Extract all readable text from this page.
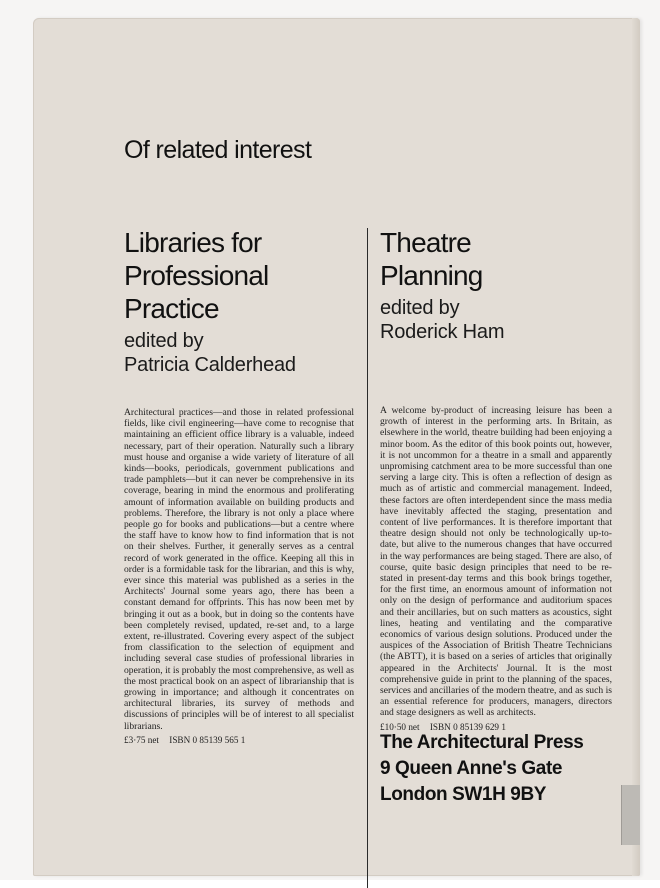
Of related interest
Libraries for
Professional
Practice

edited by

Patricia Calderhead

Architectural practices—and those in related professional fields, like civil engineering—have come to recognise that maintaining an efficient office library is a valuable, indeed necessary, part of their operation. Naturally such a library must house and organise a wide variety of literature of all kinds—books, periodicals, government publications and trade pamphlets—but it can never be comprehensive in its coverage, bearing in mind the enormous and proliferating amount of information available on building products and problems. Therefore, the library is not only a place where people go for books and publications—but a centre where the staff have to know how to find information that is not on their shelves. Further, it generally serves as a central record of work generated in the office. Keeping all this in order is a formidable task for the librarian, and this is why, ever since this material was published as a series in the Architects' Journal some years ago, there has been a constant demand for offprints. This has now been met by bringing it out as a book, but in doing so the contents have been completely revised, updated, re-set and, to a large extent, re-illustrated. Covering every aspect of the subject from classification to the selection of equipment and including several case studies of professional libraries in operation, it is probably the most comprehensive, as well as the most practical book on an aspect of librarianship that is growing in importance; and although it concentrates on architectural libraries, its survey of methods and discussions of principles will be of interest to all specialist librarians.

£3·75 net ISBN 0 85139 565 1

Theatre
Planning

edited by

Roderick Ham

A welcome by-product of increasing leisure has been a growth of interest in the performing arts. In Britain, as elsewhere in the world, theatre building had been enjoying a minor boom. As the editor of this book points out, however, it is not uncommon for a theatre in a small and apparently unpromising catchment area to be more successful than one serving a large city. This is often a reflection of design as much as of artistic and commercial management. Indeed, these factors are often interdependent since the mass media have inevitably affected the staging, presentation and content of live performances. It is therefore important that theatre design should not only be technologically up-to-date, but alive to the numerous changes that have occurred in the way performances are being staged. There are also, of course, quite basic design principles that need to be re-stated in present-day terms and this book brings together, for the first time, an enormous amount of information not only on the design of performance and auditorium spaces and their ancillaries, but on such matters as acoustics, sight lines, heating and ventilating and the comparative economics of various design solutions. Produced under the auspices of the Association of British Theatre Technicians (the ABTT), it is based on a series of articles that originally appeared in the Architects' Journal. It is the most comprehensive guide in print to the planning of the spaces, services and ancillaries of the modern theatre, and as such is an essential reference for producers, managers, directors and stage designers as well as architects.

£10·50 net ISBN 0 85139 629 1

The Architectural Press
9 Queen Anne's Gate
London SW1H 9BY
